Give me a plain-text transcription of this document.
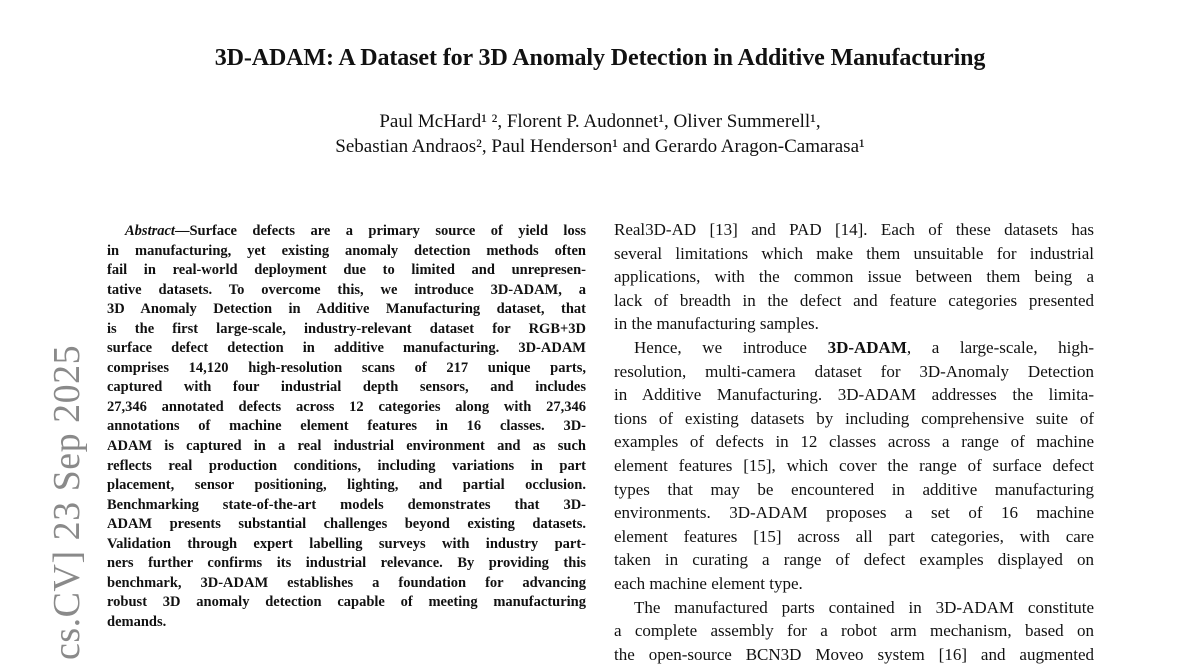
3D-ADAM: A Dataset for 3D Anomaly Detection in Additive Manufacturing
Paul McHard¹ ², Florent P. Audonnet¹, Oliver Summerell¹,
Sebastian Andraos², Paul Henderson¹ and Gerardo Aragon-Camarasa¹
cs.CV] 23 Sep 2025
Abstract—Surface defects are a primary source of yield loss
in manufacturing, yet existing anomaly detection methods often
fail in real-world deployment due to limited and unrepresen-
tative datasets. To overcome this, we introduce 3D-ADAM, a
3D Anomaly Detection in Additive Manufacturing dataset, that
is the first large-scale, industry-relevant dataset for RGB+3D
surface defect detection in additive manufacturing. 3D-ADAM
comprises 14,120 high-resolution scans of 217 unique parts,
captured with four industrial depth sensors, and includes
27,346 annotated defects across 12 categories along with 27,346
annotations of machine element features in 16 classes. 3D-
ADAM is captured in a real industrial environment and as such
reflects real production conditions, including variations in part
placement, sensor positioning, lighting, and partial occlusion.
Benchmarking state-of-the-art models demonstrates that 3D-
ADAM presents substantial challenges beyond existing datasets.
Validation through expert labelling surveys with industry part-
ners further confirms its industrial relevance. By providing this
benchmark, 3D-ADAM establishes a foundation for advancing
robust 3D anomaly detection capable of meeting manufacturing
demands.
Real3D-AD [13] and PAD [14]. Each of these datasets has
several limitations which make them unsuitable for industrial
applications, with the common issue between them being a
lack of breadth in the defect and feature categories presented
in the manufacturing samples.
Hence, we introduce 3D-ADAM, a large-scale, high-
resolution, multi-camera dataset for 3D-Anomaly Detection
in Additive Manufacturing. 3D-ADAM addresses the limita-
tions of existing datasets by including comprehensive suite of
examples of defects in 12 classes across a range of machine
element features [15], which cover the range of surface defect
types that may be encountered in additive manufacturing
environments. 3D-ADAM proposes a set of 16 machine
element features [15] across all part categories, with care
taken in curating a range of defect examples displayed on
each machine element type.
The manufactured parts contained in 3D-ADAM constitute
a complete assembly for a robot arm mechanism, based on
the open-source BCN3D Moveo system [16] and augmented
